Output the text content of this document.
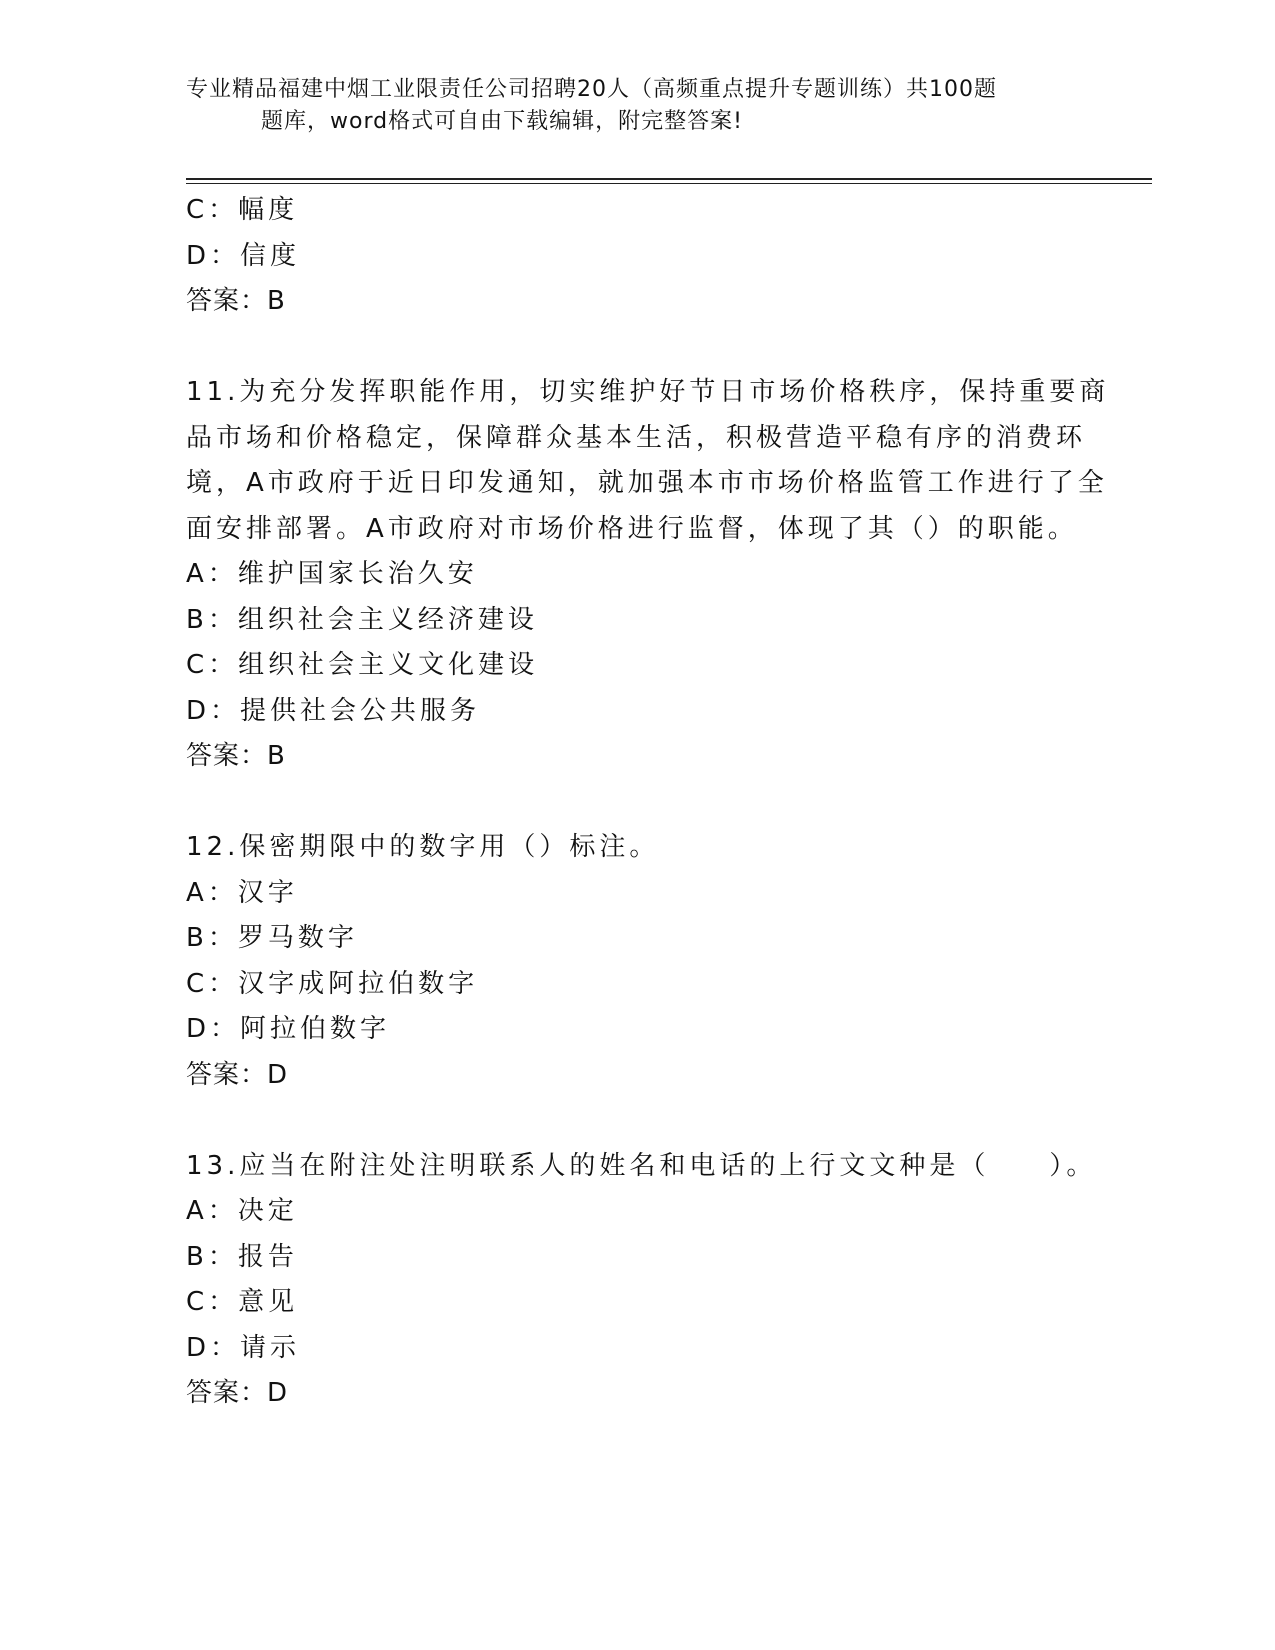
专业精品福建中烟工业限责任公司招聘20人（高频重点提升专题训练）共100题
题库，word格式可自由下载编辑，附完整答案!
C：幅度
D：信度
答案：B
11.为充分发挥职能作用，切实维护好节日市场价格秩序，保持重要商
品市场和价格稳定，保障群众基本生活，积极营造平稳有序的消费环
境，A市政府于近日印发通知，就加强本市市场价格监管工作进行了全
面安排部署。A市政府对市场价格进行监督，体现了其（）的职能。
A：维护国家长治久安
B：组织社会主义经济建设
C：组织社会主义文化建设
D：提供社会公共服务
答案：B
12.保密期限中的数字用（）标注。
A：汉字
B：罗马数字
C：汉字成阿拉伯数字
D：阿拉伯数字
答案：D
13.应当在附注处注明联系人的姓名和电话的上行文文种是（　　）。
A：决定
B：报告
C：意见
D：请示
答案：D
